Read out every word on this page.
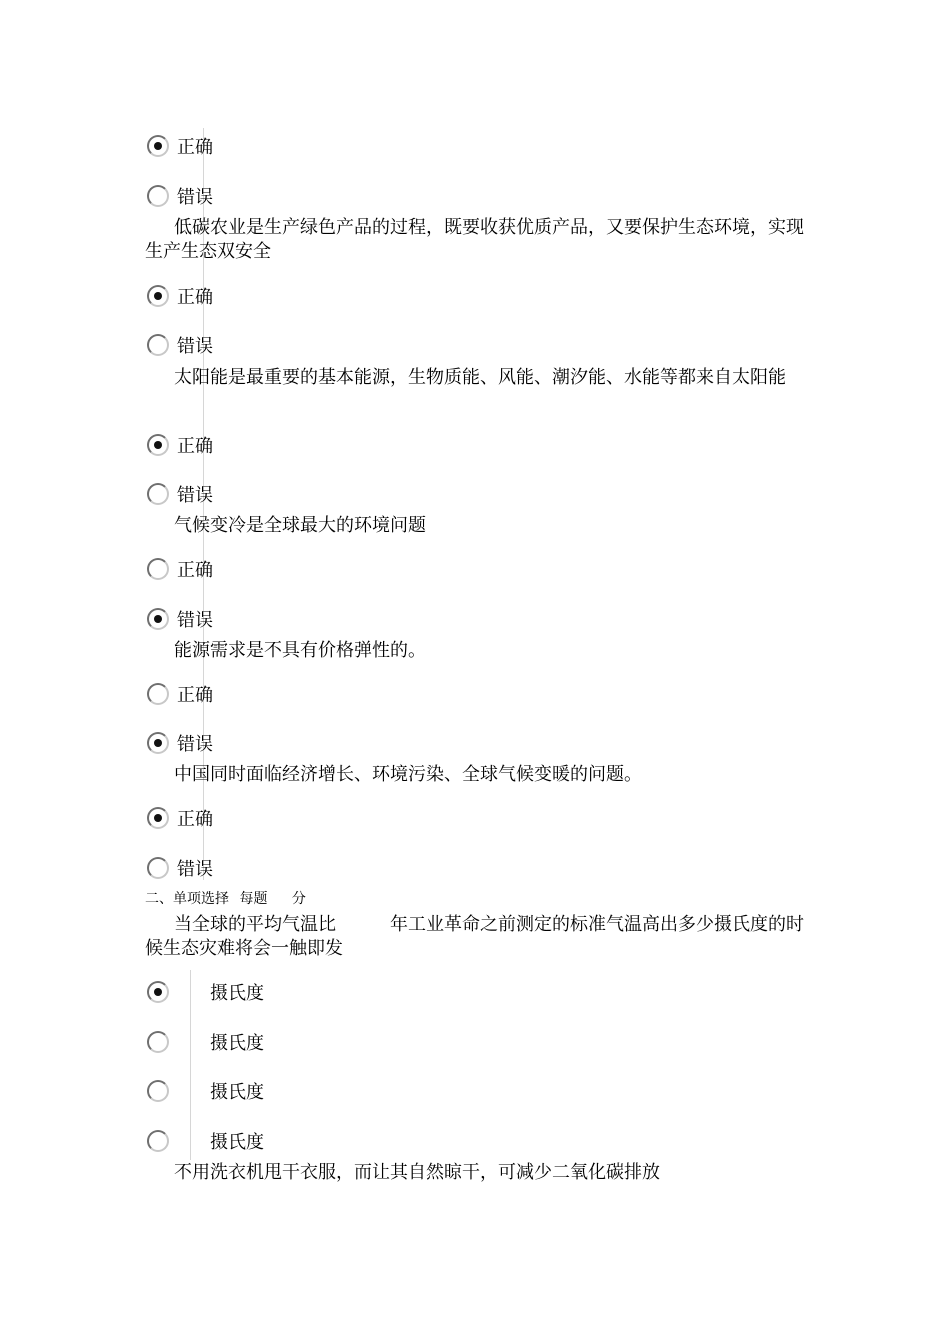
正确
错误
低碳农业是生产绿色产品的过程，既要收获优质产品，又要保护生态环境，实现生产生态双安全
正确
错误
太阳能是最重要的基本能源，生物质能、风能、潮汐能、水能等都来自太阳能
正确
错误
气候变冷是全球最大的环境问题
正确
错误
能源需求是不具有价格弹性的。
正确
错误
中国同时面临经济增长、环境污染、全球气候变暖的问题。
正确
错误
二、单项选择 每题 分
当全球的平均气温比　　　年工业革命之前测定的标准气温高出多少摄氏度的时候生态灾难将会一触即发
摄氏度
摄氏度
摄氏度
摄氏度
不用洗衣机甩干衣服，而让其自然晾干，可减少二氧化碳排放
